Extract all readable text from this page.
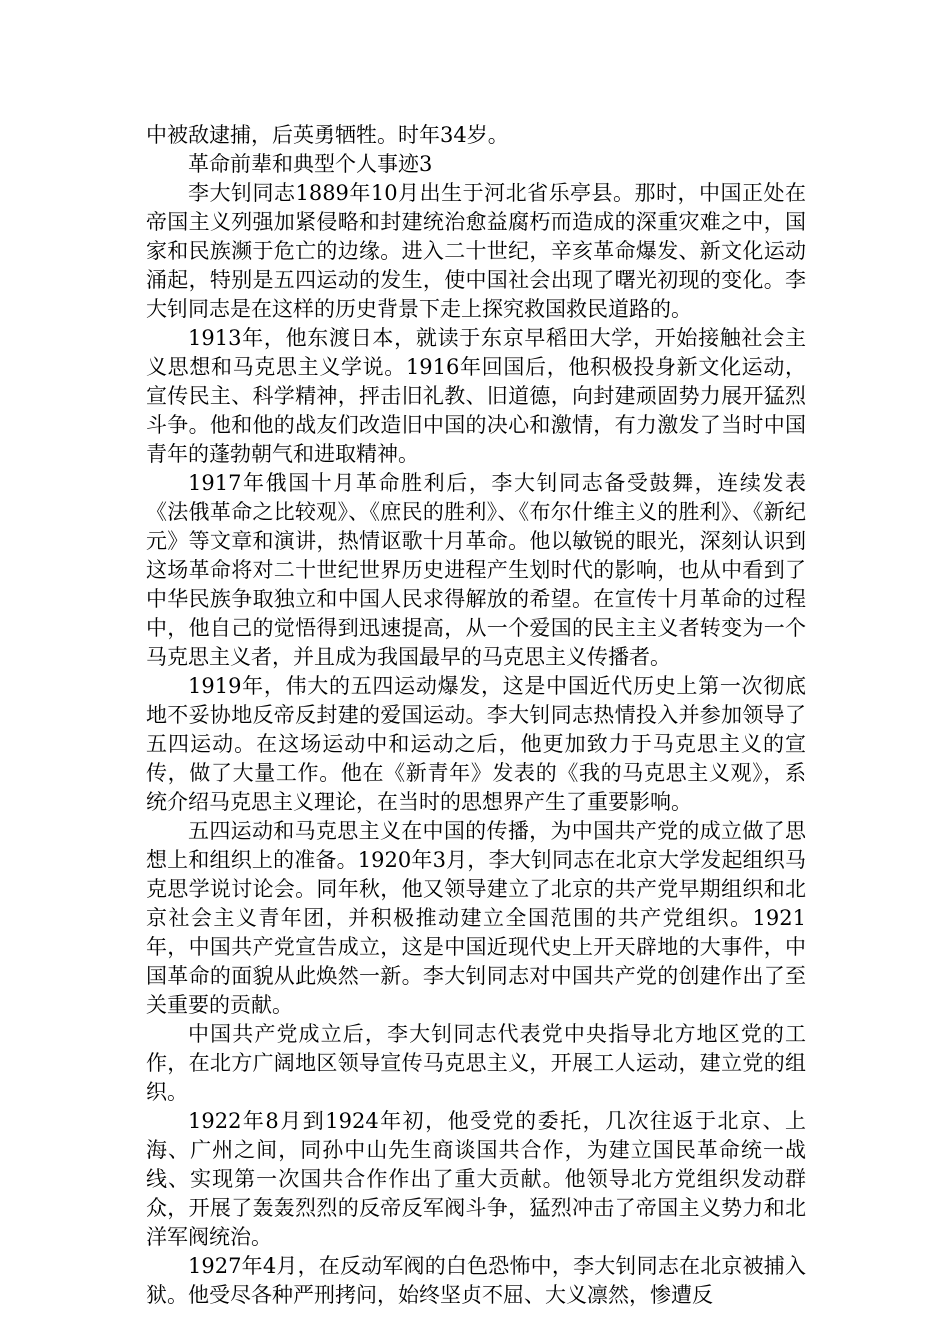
中被敌逮捕，后英勇牺牲。时年34岁。

革命前辈和典型个人事迹3

李大钊同志1889年10月出生于河北省乐亭县。那时，中国正处在帝国主义列强加紧侵略和封建统治愈益腐朽而造成的深重灾难之中，国家和民族濒于危亡的边缘。进入二十世纪，辛亥革命爆发、新文化运动涌起，特别是五四运动的发生，使中国社会出现了曙光初现的变化。李大钊同志是在这样的历史背景下走上探究救国救民道路的。

1913年，他东渡日本，就读于东京早稻田大学，开始接触社会主义思想和马克思主义学说。1916年回国后，他积极投身新文化运动，宣传民主、科学精神，抨击旧礼教、旧道德，向封建顽固势力展开猛烈斗争。他和他的战友们改造旧中国的决心和激情，有力激发了当时中国青年的蓬勃朝气和进取精神。

1917年俄国十月革命胜利后，李大钊同志备受鼓舞，连续发表《法俄革命之比较观》、《庶民的胜利》、《布尔什维主义的胜利》、《新纪元》等文章和演讲，热情讴歌十月革命。他以敏锐的眼光，深刻认识到这场革命将对二十世纪世界历史进程产生划时代的影响，也从中看到了中华民族争取独立和中国人民求得解放的希望。在宣传十月革命的过程中，他自己的觉悟得到迅速提高，从一个爱国的民主主义者转变为一个马克思主义者，并且成为我国最早的马克思主义传播者。

1919年，伟大的五四运动爆发，这是中国近代历史上第一次彻底地不妥协地反帝反封建的爱国运动。李大钊同志热情投入并参加领导了五四运动。在这场运动中和运动之后，他更加致力于马克思主义的宣传，做了大量工作。他在《新青年》发表的《我的马克思主义观》，系统介绍马克思主义理论，在当时的思想界产生了重要影响。

五四运动和马克思主义在中国的传播，为中国共产党的成立做了思想上和组织上的准备。1920年3月，李大钊同志在北京大学发起组织马克思学说讨论会。同年秋，他又领导建立了北京的共产党早期组织和北京社会主义青年团，并积极推动建立全国范围的共产党组织。1921年，中国共产党宣告成立，这是中国近现代史上开天辟地的大事件，中国革命的面貌从此焕然一新。李大钊同志对中国共产党的创建作出了至关重要的贡献。

中国共产党成立后，李大钊同志代表党中央指导北方地区党的工作，在北方广阔地区领导宣传马克思主义，开展工人运动，建立党的组织。

1922年8月到1924年初，他受党的委托，几次往返于北京、上海、广州之间，同孙中山先生商谈国共合作，为建立国民革命统一战线、实现第一次国共合作作出了重大贡献。他领导北方党组织发动群众，开展了轰轰烈烈的反帝反军阀斗争，猛烈冲击了帝国主义势力和北洋军阀统治。

1927年4月，在反动军阀的白色恐怖中，李大钊同志在北京被捕入狱。他受尽各种严刑拷问，始终坚贞不屈、大义凛然，惨遭反
